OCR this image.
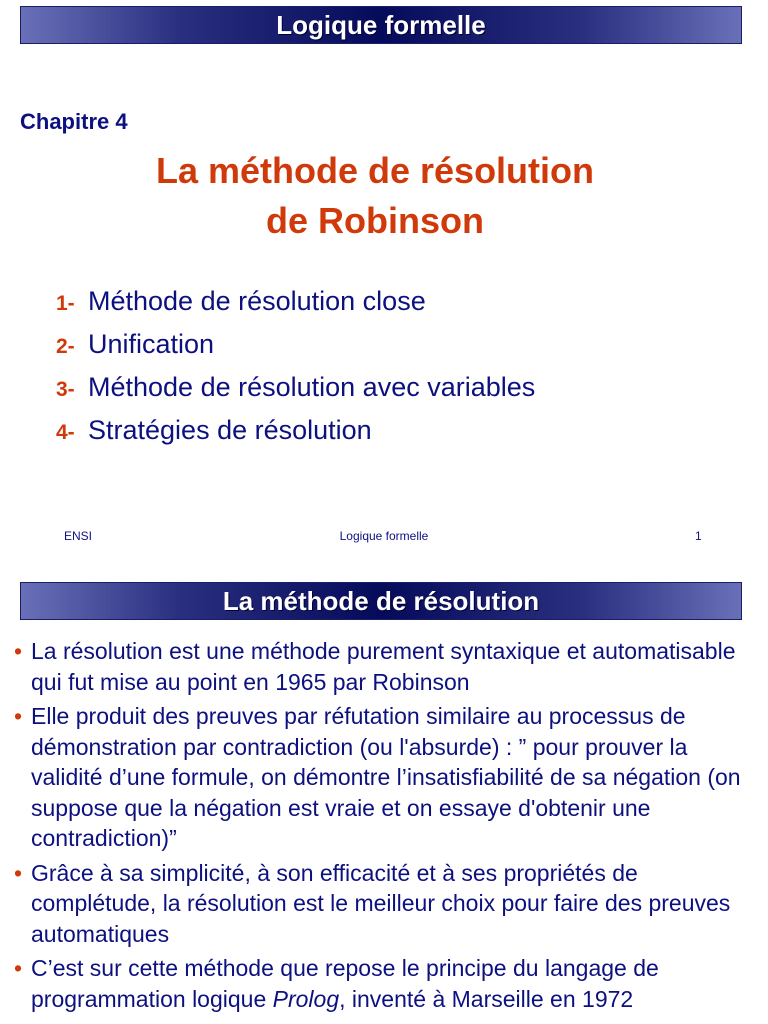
Logique formelle
Chapitre 4
La méthode de résolution
de Robinson
1- Méthode de résolution close
2- Unification
3- Méthode de résolution avec variables
4- Stratégies de résolution
ENSI	Logique formelle	1
La méthode de résolution
• La résolution est une méthode purement syntaxique et automatisable qui fut mise au point en 1965 par Robinson
• Elle produit des preuves par réfutation similaire au processus de démonstration par contradiction (ou l'absurde) : ” pour prouver la validité d’une formule, on démontre l’insatisfiabilité de sa négation (on suppose que la négation est vraie et on essaye d'obtenir une contradiction)”
• Grâce à sa simplicité, à son efficacité et à ses propriétés de complétude, la résolution est le meilleur choix pour faire des preuves automatiques
• C’est sur cette méthode que repose le principe du langage de programmation logique Prolog, inventé à Marseille en 1972
